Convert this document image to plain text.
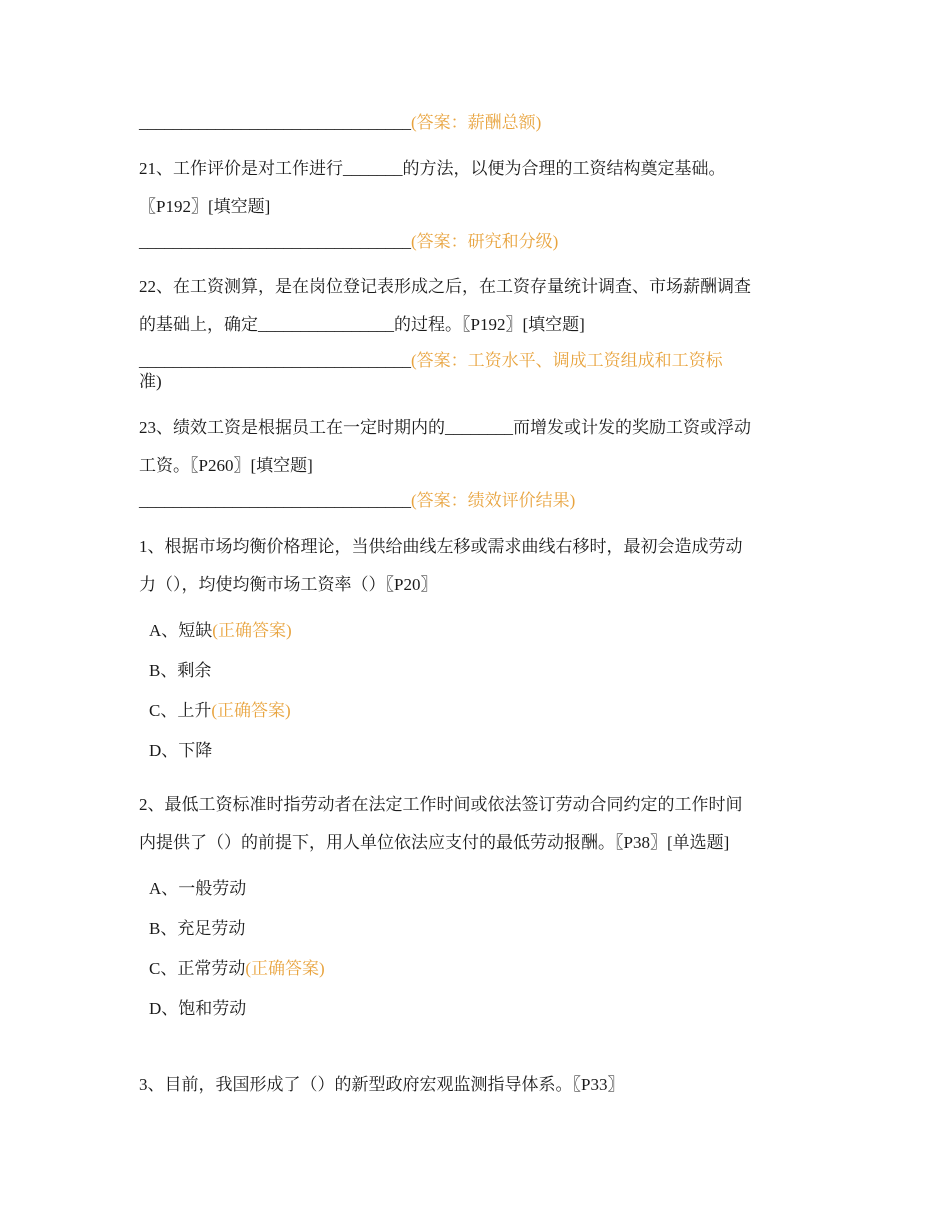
________________________________(答案：薪酬总额)
21、工作评价是对工作进行_______的方法，以便为合理的工资结构奠定基础。
〖P192〗[填空题]
________________________________(答案：研究和分级)
22、在工资测算，是在岗位登记表形成之后，在工资存量统计调查、市场薪酬调查
的基础上，确定________________的过程。〖P192〗[填空题]
________________________________(答案：工资水平、调成工资组成和工资标
准)
23、绩效工资是根据员工在一定时期内的________而增发或计发的奖励工资或浮动
工资。〖P260〗[填空题]
________________________________(答案：绩效评价结果)
1、根据市场均衡价格理论，当供给曲线左移或需求曲线右移时，最初会造成劳动
力（），均使均衡市场工资率（）〖P20〗
A、短缺(正确答案)
B、剩余
C、上升(正确答案)
D、下降
2、最低工资标准时指劳动者在法定工作时间或依法签订劳动合同约定的工作时间
内提供了（）的前提下，用人单位依法应支付的最低劳动报酬。〖P38〗[单选题]
A、一般劳动
B、充足劳动
C、正常劳动(正确答案)
D、饱和劳动
3、目前，我国形成了（）的新型政府宏观监测指导体系。〖P33〗
